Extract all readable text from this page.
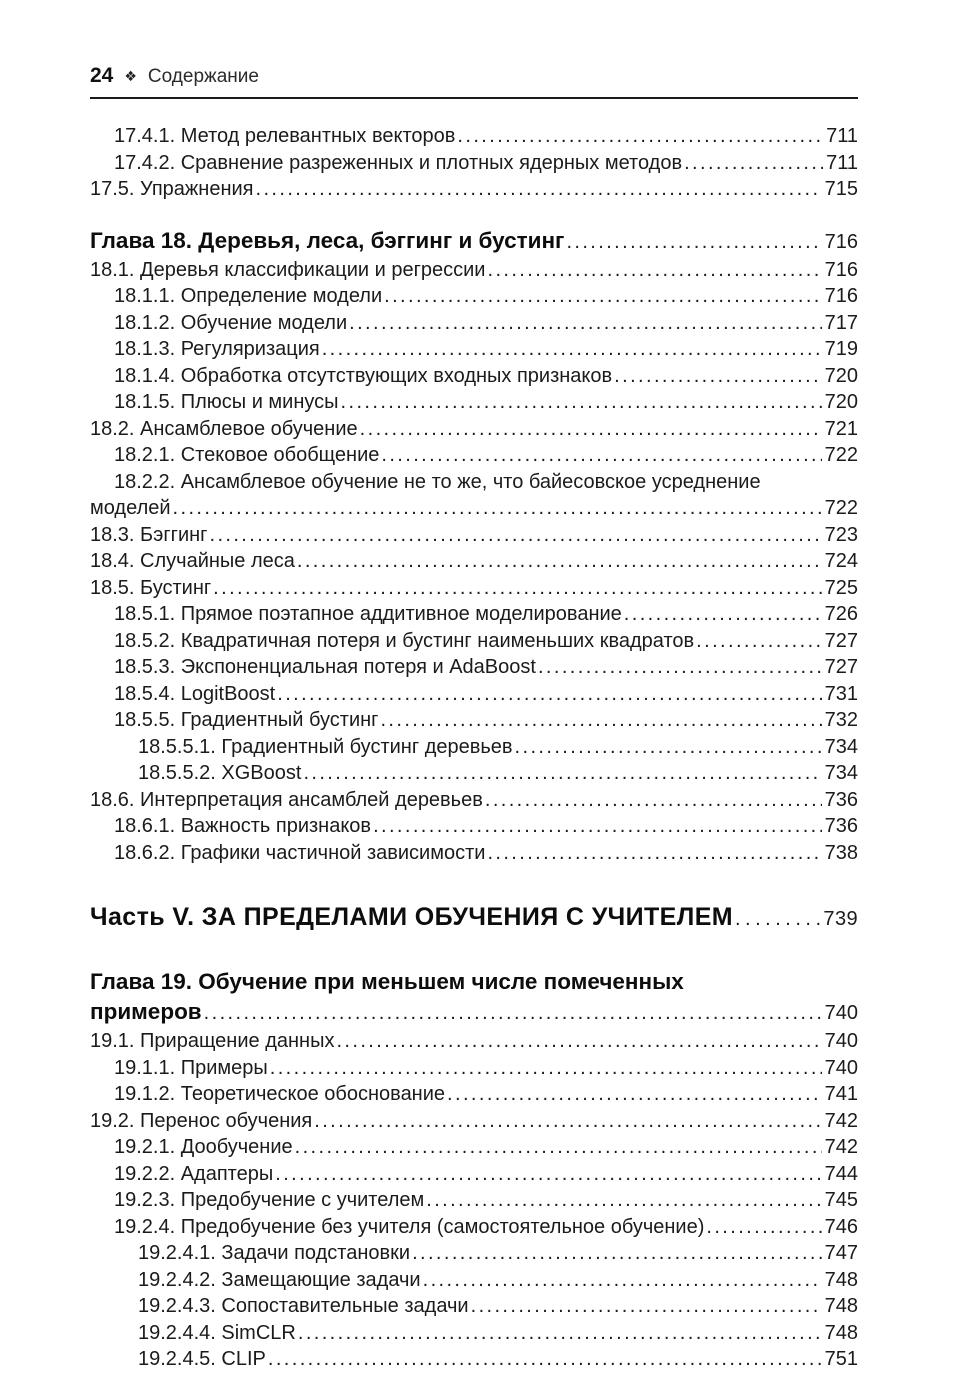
24 ❖ Содержание
17.4.1. Метод релевантных векторов .....	711
17.4.2. Сравнение разреженных и плотных ядерных методов .....	711
17.5. Упражнения .....	715
Глава 18. Деревья, леса, бэггинг и бустинг .....	716
18.1. Деревья классификации и регрессии .....	716
18.1.1. Определение модели .....	716
18.1.2. Обучение модели .....	717
18.1.3. Регуляризация .....	719
18.1.4. Обработка отсутствующих входных признаков .....	720
18.1.5. Плюсы и минусы .....	720
18.2. Ансамблевое обучение .....	721
18.2.1. Стековое обобщение .....	722
18.2.2. Ансамблевое обучение не то же, что байесовское усреднение
моделей .....	722
18.3. Бэггинг .....	723
18.4. Случайные леса .....	724
18.5. Бустинг .....	725
18.5.1. Прямое поэтапное аддитивное моделирование .....	726
18.5.2. Квадратичная потеря и бустинг наименьших квадратов .....	727
18.5.3. Экспоненциальная потеря и AdaBoost .....	727
18.5.4. LogitBoost .....	731
18.5.5. Градиентный бустинг .....	732
18.5.5.1. Градиентный бустинг деревьев .....	734
18.5.5.2. XGBoost .....	734
18.6. Интерпретация ансамблей деревьев .....	736
18.6.1. Важность признаков .....	736
18.6.2. Графики частичной зависимости .....	738
Часть V. ЗА ПРЕДЕЛАМИ ОБУЧЕНИЯ С УЧИТЕЛЕМ .....	739
Глава 19. Обучение при меньшем числе помеченных
примеров .....	740
19.1. Приращение данных .....	740
19.1.1. Примеры .....	740
19.1.2. Теоретическое обоснование .....	741
19.2. Перенос обучения .....	742
19.2.1. Дообучение .....	742
19.2.2. Адаптеры .....	744
19.2.3. Предобучение с учителем .....	745
19.2.4. Предобучение без учителя (самостоятельное обучение) .....	746
19.2.4.1. Задачи подстановки .....	747
19.2.4.2. Замещающие задачи .....	748
19.2.4.3. Сопоставительные задачи .....	748
19.2.4.4. SimCLR .....	748
19.2.4.5. CLIP .....	751
